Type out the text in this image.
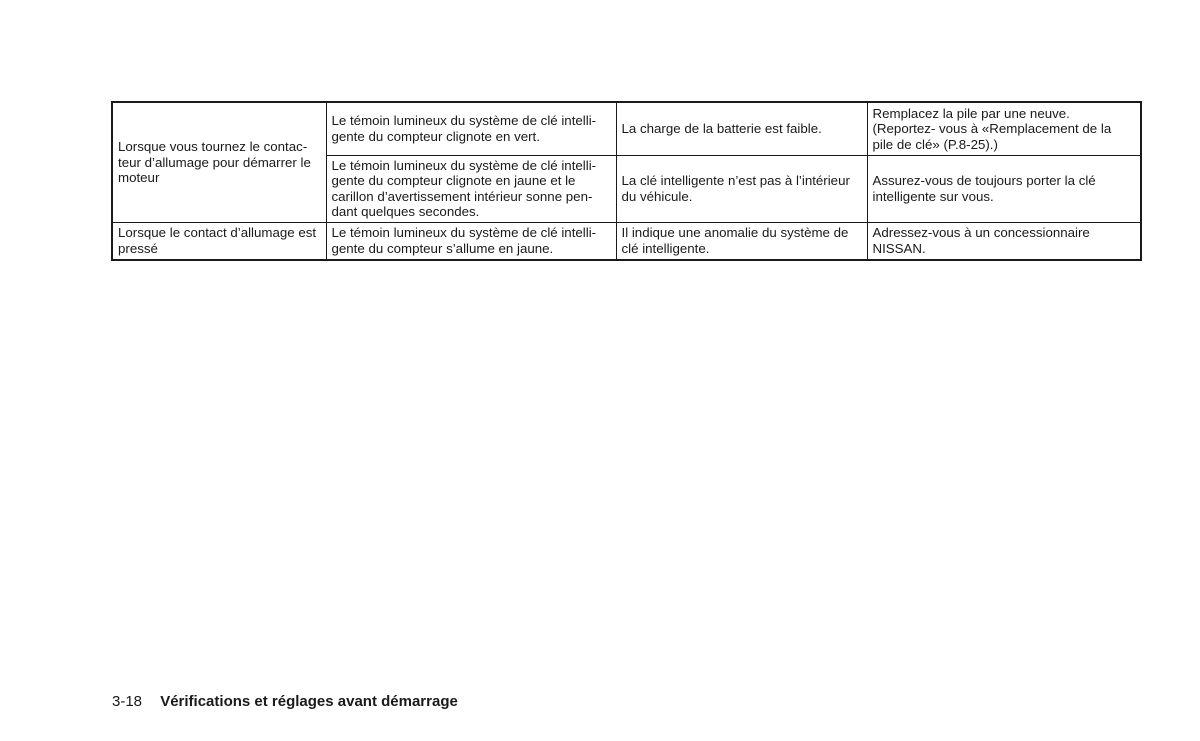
Lorsque vous tournez le contac- teur d’allumage pour démarrer le moteur	Le témoin lumineux du système de clé intelli- gente du compteur clignote en vert.	La charge de la batterie est faible.	Remplacez la pile par une neuve. (Reportez- vous à «Remplacement de la pile de clé» (P.8-25).)
	Le témoin lumineux du système de clé intelli- gente du compteur clignote en jaune et le carillon d’avertissement intérieur sonne pen- dant quelques secondes.	La clé intelligente n’est pas à l’intérieur du véhicule.	Assurez-vous de toujours porter la clé intelligente sur vous.
Lorsque le contact d’allumage est pressé	Le témoin lumineux du système de clé intelli- gente du compteur s’allume en jaune.	Il indique une anomalie du système de clé intelligente.	Adressez-vous à un concessionnaire NISSAN.
3-18 Vérifications et réglages avant démarrage
